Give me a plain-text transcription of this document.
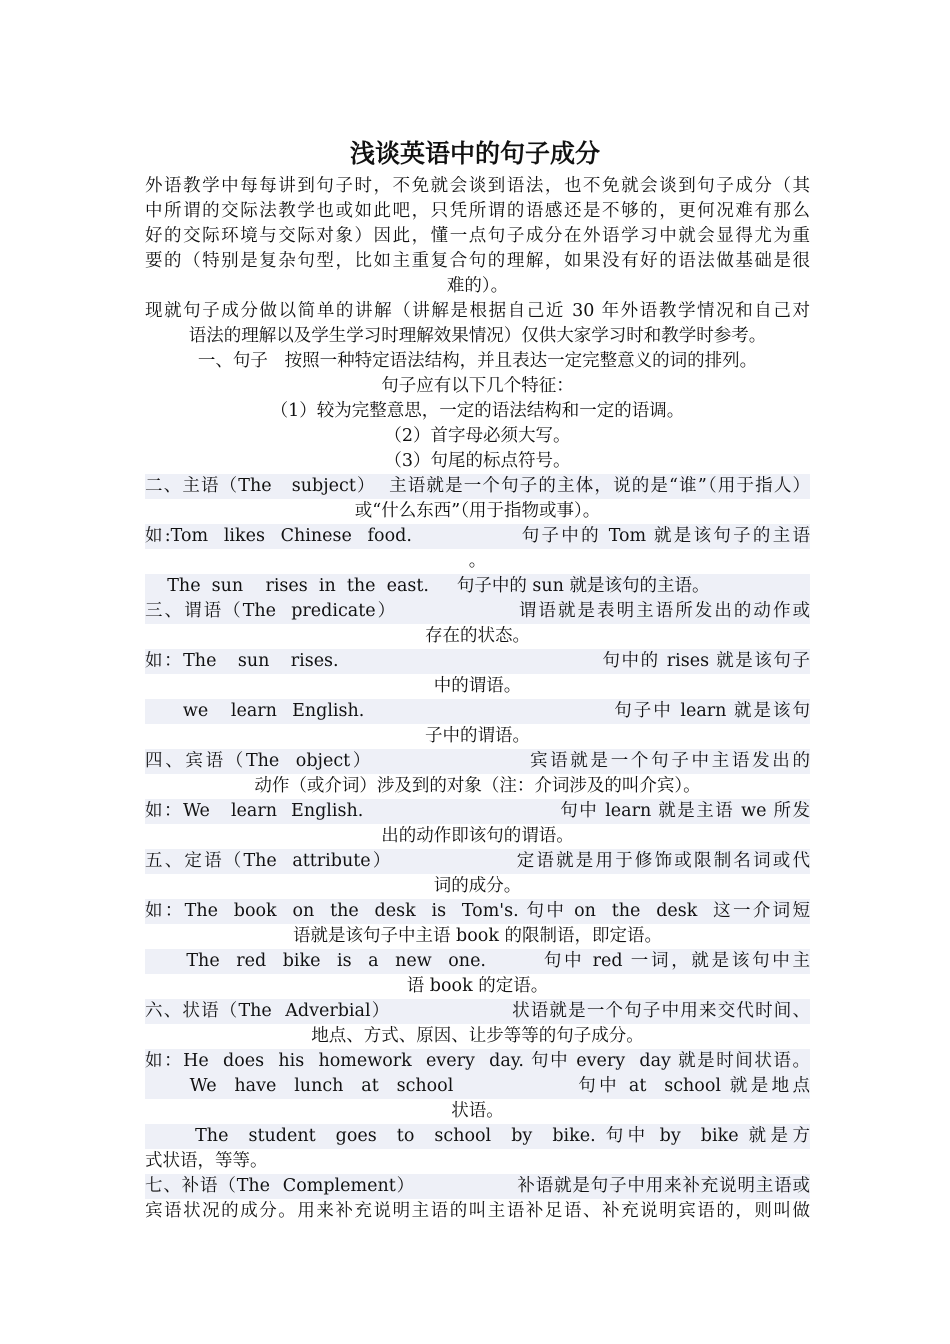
浅谈英语中的句子成分
外语教学中每每讲到句子时，不免就会谈到语法，也不免就会谈到句子成分（其
中所谓的交际法教学也或如此吧，只凭所谓的语感还是不够的，更何况难有那么
好的交际环境与交际对象）因此，懂一点句子成分在外语学习中就会显得尤为重
要的（特别是复杂句型，比如主重复合句的理解，如果没有好的语法做基础是很
难的）。
现就句子成分做以简单的讲解（讲解是根据自己近 30 年外语教学情况和自己对
语法的理解以及学生学习时理解效果情况）仅供大家学习时和教学时参考。
一、句子   按照一种特定语法结构，并且表达一定完整意义的词的排列。
句子应有以下几个特征：
（1）较为完整意思，一定的语法结构和一定的语调。
（2）首字母必须大写。
（3）句尾的标点符号。
二、主语（The   subject）  主语就是一个句子的主体，说的是“谁”（用于指人）
或“什么东西”（用于指物或事）。
如:Tom  likes  Chinese  food.              句子中的 Tom 就是该句子的主语
。
The  sun    rises  in  the  east.     句子中的 sun 就是该句的主语。
三、谓语（The  predicate）                谓语就是表明主语所发出的动作或
存在的状态。
如：The   sun   rises.                                     句中的 rises 就是该句子
中的谓语。
we   learn  English.                                 句子中 learn 就是该句
子中的谓语。
四、宾语（The  object）                   宾语就是一个句子中主语发出的
动作（或介词）涉及到的对象（注：介词涉及的叫介宾）。
如：We   learn  English.                            句中 learn 就是主语 we 所发
出的动作即该句的谓语。
五、定语（The  attribute）                定语就是用于修饰或限制名词或代
词的成分。
如：The  book  on  the  desk  is  Tom's. 句中 on  the  desk  这一介词短
语就是该句子中主语 book 的限制语，即定语。
The  red  bike  is  a  new  one.       句中 red 一词，就是该句中主
语 book 的定语。
六、状语（The  Adverbial）                  状语就是一个句子中用来交代时间、
地点、方式、原因、让步等等的句子成分。
如：He  does  his  homework  every  day. 句中 every  day 就是时间状语。
We  have  lunch  at  school              句中 at  school 就是地点
状语。
The  student  goes  to  school  by  bike. 句中 by  bike 就是方
式状语，等等。
七、补语（The  Complement）                补语就是句子中用来补充说明主语或
宾语状况的成分。用来补充说明主语的叫主语补足语、补充说明宾语的，则叫做
